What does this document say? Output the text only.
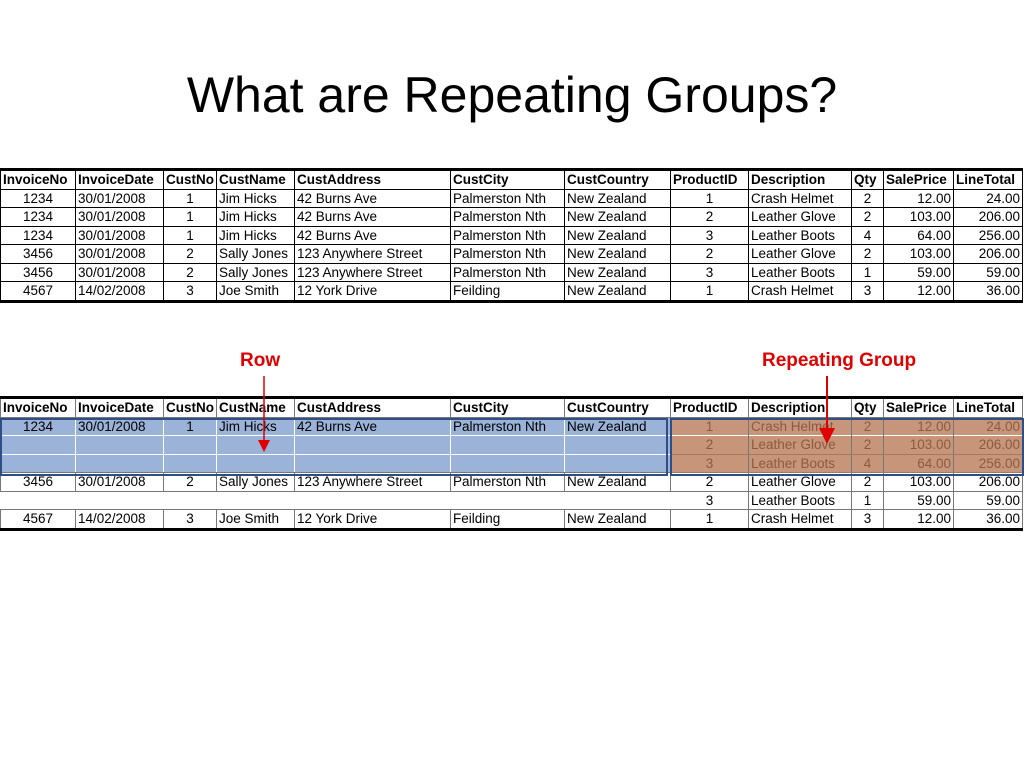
What are Repeating Groups?
InvoiceNo	InvoiceDate	CustNo	CustName	CustAddress	CustCity	CustCountry	ProductID	Description	Qty	SalePrice	LineTotal
1234	30/01/2008	1	Jim Hicks	42 Burns Ave	Palmerston Nth	New Zealand	1	Crash Helmet	2	12.00	24.00
1234	30/01/2008	1	Jim Hicks	42 Burns Ave	Palmerston Nth	New Zealand	2	Leather Glove	2	103.00	206.00
1234	30/01/2008	1	Jim Hicks	42 Burns Ave	Palmerston Nth	New Zealand	3	Leather Boots	4	64.00	256.00
3456	30/01/2008	2	Sally Jones	123 Anywhere Street	Palmerston Nth	New Zealand	2	Leather Glove	2	103.00	206.00
3456	30/01/2008	2	Sally Jones	123 Anywhere Street	Palmerston Nth	New Zealand	3	Leather Boots	1	59.00	59.00
4567	14/02/2008	3	Joe Smith	12 York Drive	Feilding	New Zealand	1	Crash Helmet	3	12.00	36.00
Row	Repeating Group
InvoiceNo	InvoiceDate	CustNo	CustName	CustAddress	CustCity	CustCountry	ProductID	Description	Qty	SalePrice	LineTotal
1234	30/01/2008	1	Jim Hicks	42 Burns Ave	Palmerston Nth	New Zealand	1	Crash Helmet	2	12.00	24.00
							2	Leather Glove	2	103.00	206.00
							3	Leather Boots	4	64.00	256.00
3456	30/01/2008	2	Sally Jones	123 Anywhere Street	Palmerston Nth	New Zealand	2	Leather Glove	2	103.00	206.00
							3	Leather Boots	1	59.00	59.00
4567	14/02/2008	3	Joe Smith	12 York Drive	Feilding	New Zealand	1	Crash Helmet	3	12.00	36.00
